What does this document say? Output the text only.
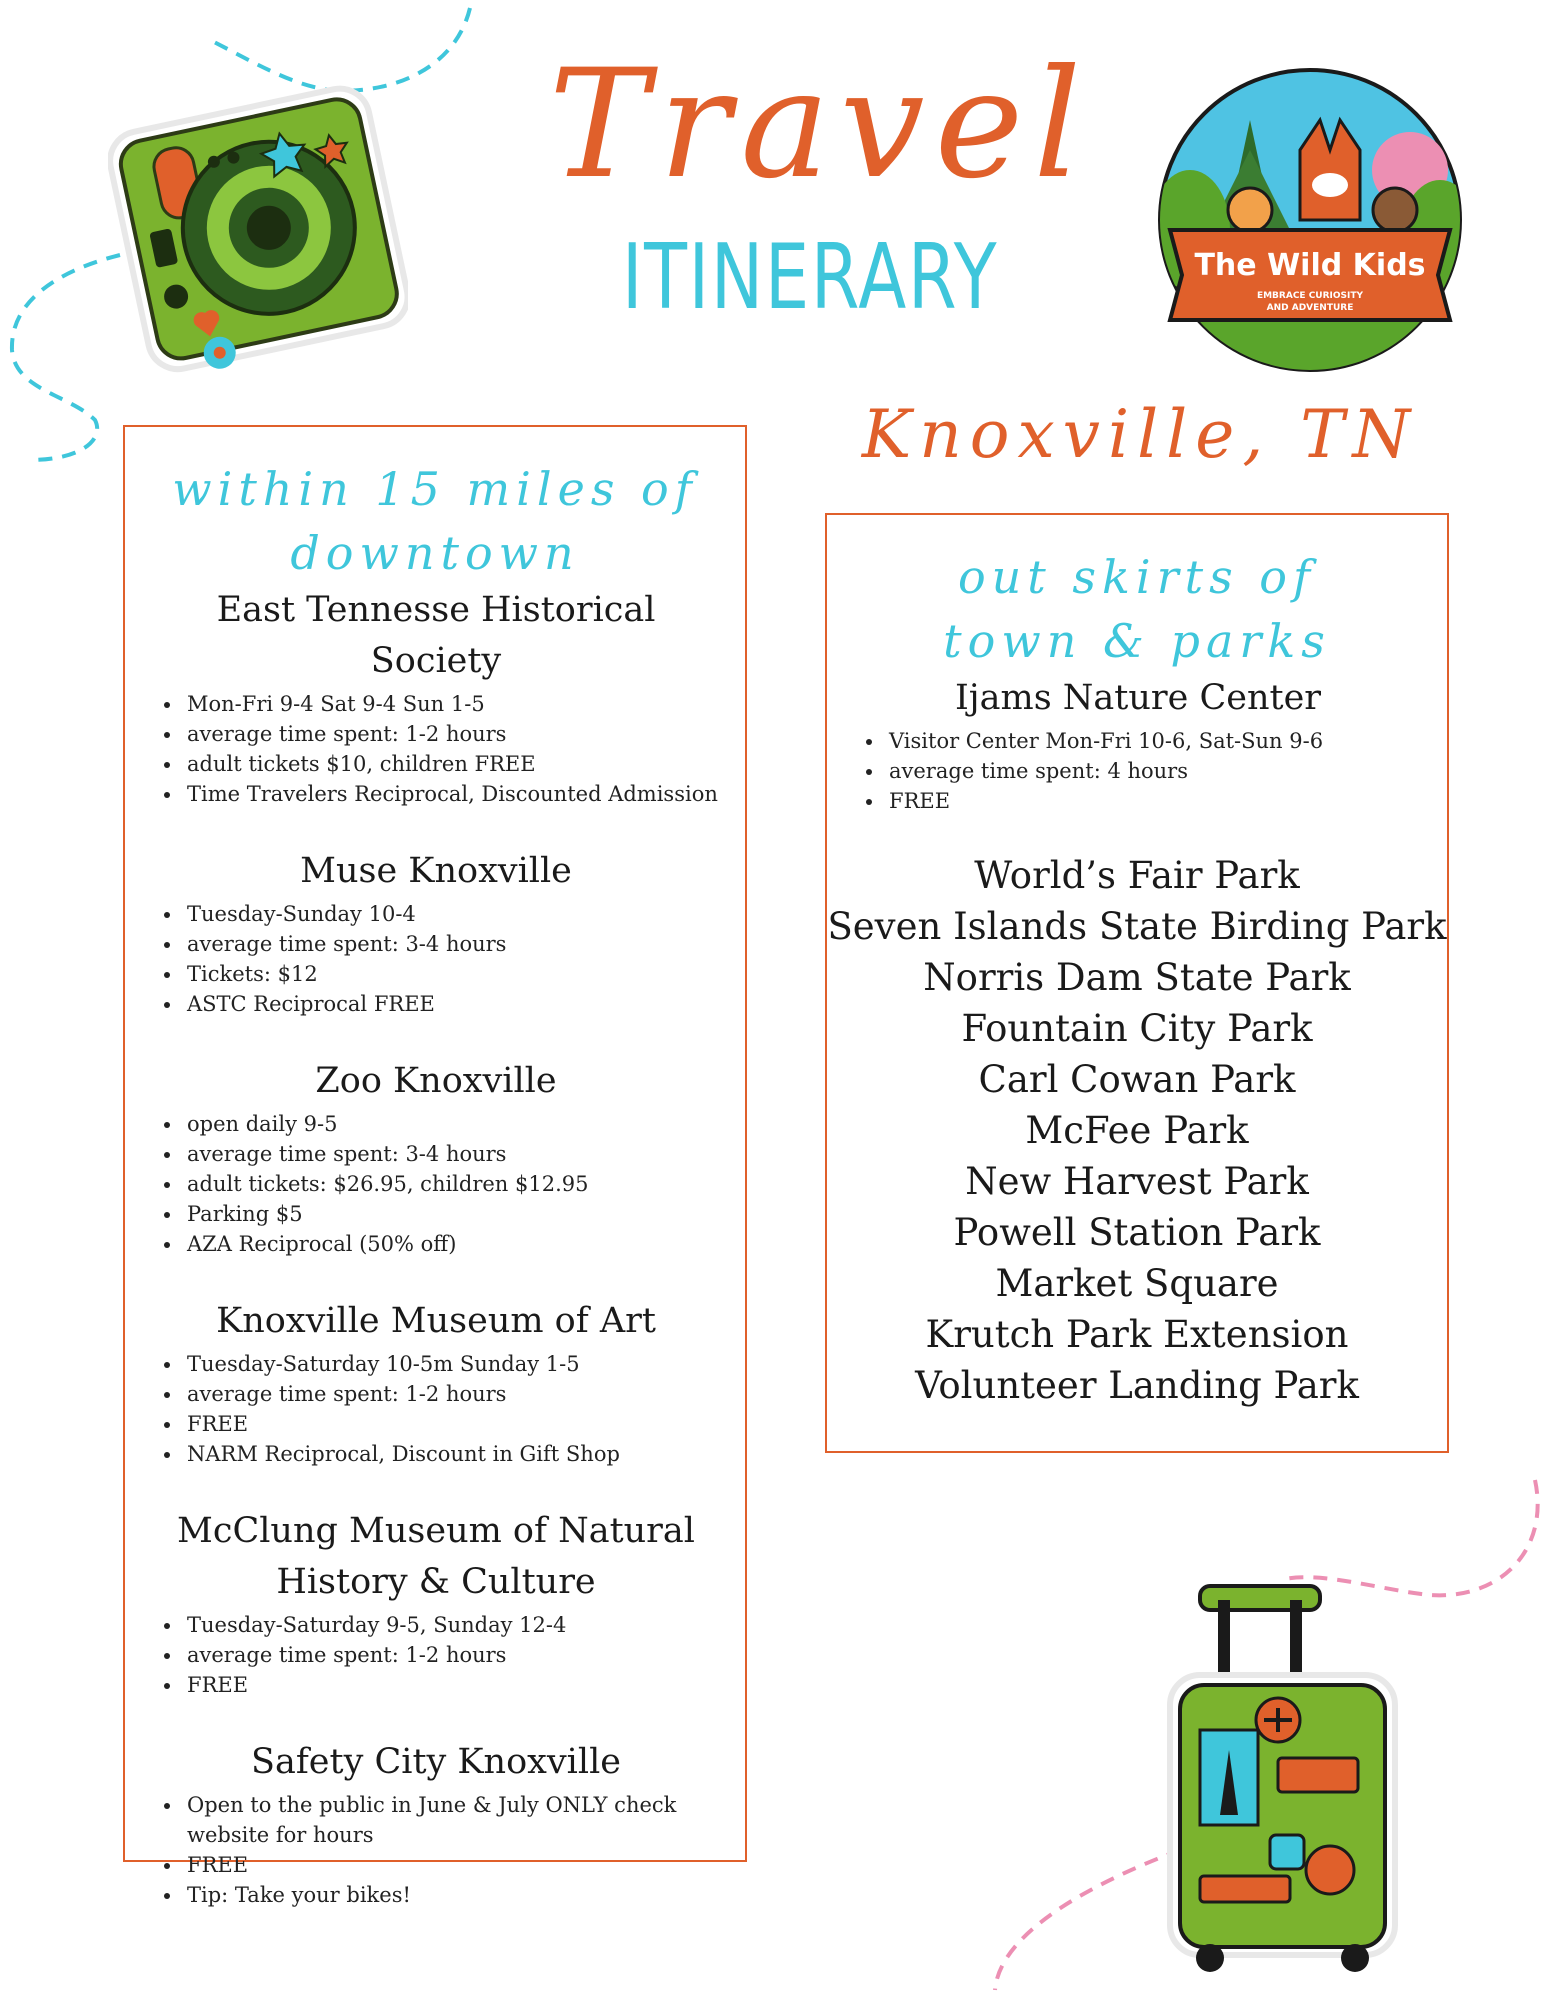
Travel
ITINERARY	The Wild Kids
EMBRACE CURIOSITY
AND ADVENTURE
Knoxville, TN
within 15 miles of
downtown
East Tennesse Historical Society
• Mon-Fri 9-4 Sat 9-4 Sun 1-5
• average time spent: 1-2 hours
• adult tickets $10, children FREE
• Time Travelers Reciprocal, Discounted Admission
Muse Knoxville
• Tuesday-Sunday 10-4
• average time spent: 3-4 hours
• Tickets: $12
• ASTC Reciprocal FREE
Zoo Knoxville
• open daily 9-5
• average time spent: 3-4 hours
• adult tickets: $26.95, children $12.95
• Parking $5
• AZA Reciprocal (50% off)
Knoxville Museum of Art
• Tuesday-Saturday 10-5m Sunday 1-5
• average time spent: 1-2 hours
• FREE
• NARM Reciprocal, Discount in Gift Shop
McClung Museum of Natural
History & Culture
• Tuesday-Saturday 9-5, Sunday 12-4
• average time spent: 1-2 hours
• FREE
Safety City Knoxville
• Open to the public in June & July ONLY check website for hours
• FREE
• Tip: Take your bikes!
out skirts of
town & parks
Ijams Nature Center
• Visitor Center Mon-Fri 10-6, Sat-Sun 9-6
• average time spent: 4 hours
• FREE
World’s Fair Park
Seven Islands State Birding Park
Norris Dam State Park
Fountain City Park
Carl Cowan Park
McFee Park
New Harvest Park
Powell Station Park
Market Square
Krutch Park Extension
Volunteer Landing Park
